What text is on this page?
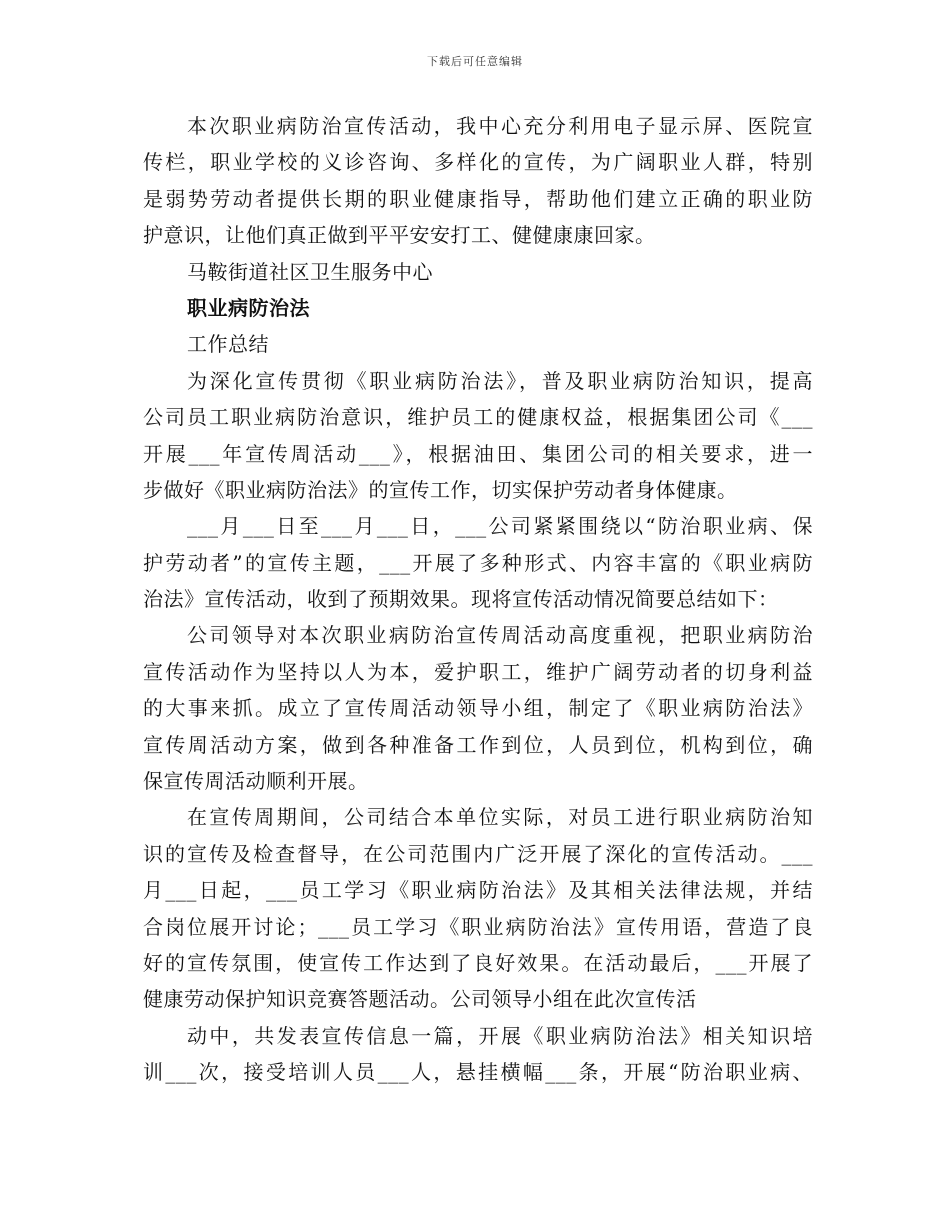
下载后可任意编辑
本次职业病防治宣传活动，我中心充分利用电子显示屏、医院宣
传栏，职业学校的义诊咨询、多样化的宣传，为广阔职业人群，特别
是弱势劳动者提供长期的职业健康指导，帮助他们建立正确的职业防
护意识，让他们真正做到平平安安打工、健健康康回家。
马鞍街道社区卫生服务中心
职业病防治法
工作总结
为深化宣传贯彻《职业病防治法》，普及职业病防治知识，提高
公司员工职业病防治意识，维护员工的健康权益，根据集团公司《___
开展___年宣传周活动___》，根据油田、集团公司的相关要求，进一
步做好《职业病防治法》的宣传工作，切实保护劳动者身体健康。
___月___日至___月___日，___公司紧紧围绕以“防治职业病、保
护劳动者”的宣传主题，___开展了多种形式、内容丰富的《职业病防
治法》宣传活动，收到了预期效果。现将宣传活动情况简要总结如下：
公司领导对本次职业病防治宣传周活动高度重视，把职业病防治
宣传活动作为坚持以人为本，爱护职工，维护广阔劳动者的切身利益
的大事来抓。成立了宣传周活动领导小组，制定了《职业病防治法》
宣传周活动方案，做到各种准备工作到位，人员到位，机构到位，确
保宣传周活动顺利开展。
在宣传周期间，公司结合本单位实际，对员工进行职业病防治知
识的宣传及检查督导，在公司范围内广泛开展了深化的宣传活动。___
月___日起，___员工学习《职业病防治法》及其相关法律法规，并结
合岗位展开讨论；___员工学习《职业病防治法》宣传用语，营造了良
好的宣传氛围，使宣传工作达到了良好效果。在活动最后，___开展了
健康劳动保护知识竞赛答题活动。公司领导小组在此次宣传活
动中，共发表宣传信息一篇，开展《职业病防治法》相关知识培
训___次，接受培训人员___人，悬挂横幅___条，开展“防治职业病、
